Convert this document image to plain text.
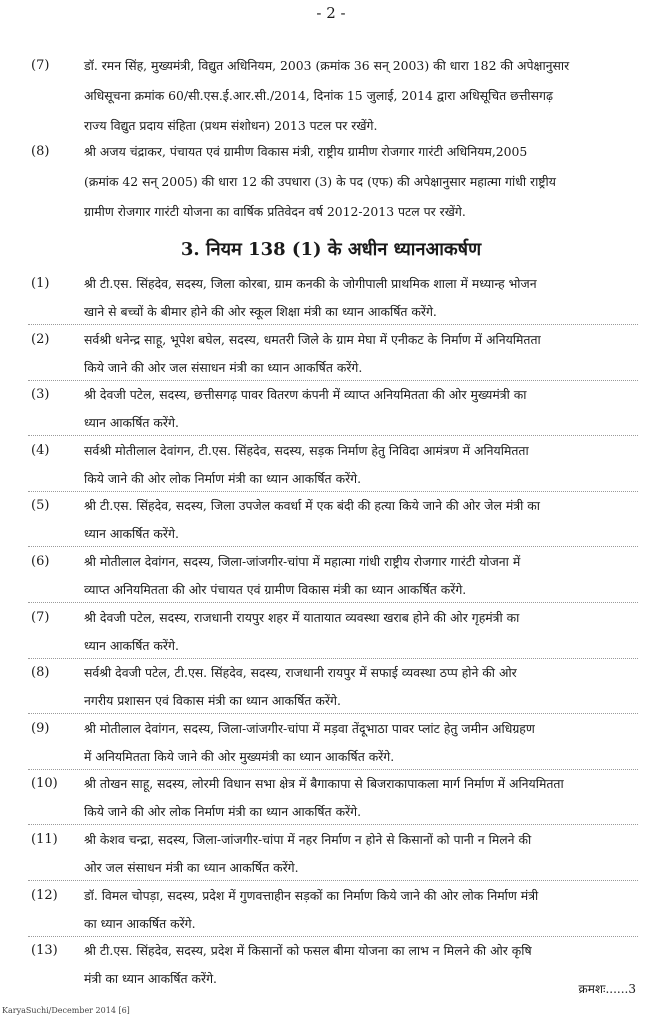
- 2 -
(7)	डॉ. रमन सिंह, मुख्यमंत्री, विद्युत अधिनियम, 2003 (क्रमांक 36 सन् 2003) की धारा 182 की अपेक्षानुसार
अधिसूचना क्रमांक 60/सी.एस.ई.आर.सी./2014, दिनांक 15 जुलाई, 2014 द्वारा अधिसूचित छत्तीसगढ़
राज्य विद्युत प्रदाय संहिता (प्रथम संशोधन) 2013 पटल पर रखेंगे.
(8)	श्री अजय चंद्राकर, पंचायत एवं ग्रामीण विकास मंत्री, राष्ट्रीय ग्रामीण रोजगार गारंटी अधिनियम,2005
(क्रमांक 42 सन् 2005) की धारा 12 की उपधारा (3) के पद (एफ) की अपेक्षानुसार महात्मा गांधी राष्ट्रीय
ग्रामीण रोजगार गारंटी योजना का वार्षिक प्रतिवेदन वर्ष 2012-2013 पटल पर रखेंगे.
3. नियम 138 (1) के अधीन ध्यानआकर्षण
(1)	श्री टी.एस. सिंहदेव, सदस्य, जिला कोरबा, ग्राम कनकी के जोगीपाली प्राथमिक शाला में मध्यान्ह भोजन
खाने से बच्चों के बीमार होने की ओर स्कूल शिक्षा मंत्री का ध्यान आकर्षित करेंगे.
(2)	सर्वश्री धनेन्द्र साहू, भूपेश बघेल, सदस्य, धमतरी जिले के ग्राम मेघा में एनीकट के निर्माण में अनियमितता
किये जाने की ओर जल संसाधन मंत्री का ध्यान आकर्षित करेंगे.
(3)	श्री देवजी पटेल, सदस्य, छत्तीसगढ़ पावर वितरण कंपनी में व्याप्त अनियमितता की ओर मुख्यमंत्री का
ध्यान आकर्षित करेंगे.
(4)	सर्वश्री मोतीलाल देवांगन, टी.एस. सिंहदेव, सदस्य, सड़क निर्माण हेतु निविदा आमंत्रण में अनियमितता
किये जाने की ओर लोक निर्माण मंत्री का ध्यान आकर्षित करेंगे.
(5)	श्री टी.एस. सिंहदेव, सदस्य, जिला उपजेल कवर्धा में एक बंदी की हत्या किये जाने की ओर जेल मंत्री का
ध्यान आकर्षित करेंगे.
(6)	श्री मोतीलाल देवांगन, सदस्य, जिला-जांजगीर-चांपा में महात्मा गांधी राष्ट्रीय रोजगार गारंटी योजना में
व्याप्त अनियमितता की ओर पंचायत एवं ग्रामीण विकास मंत्री का ध्यान आकर्षित करेंगे.
(7)	श्री देवजी पटेल, सदस्य, राजधानी रायपुर शहर में यातायात व्यवस्था खराब होने की ओर गृहमंत्री का
ध्यान आकर्षित करेंगे.
(8)	सर्वश्री देवजी पटेल, टी.एस. सिंहदेव, सदस्य, राजधानी रायपुर में सफाई व्यवस्था ठप्प होने की ओर
नगरीय प्रशासन एवं विकास मंत्री का ध्यान आकर्षित करेंगे.
(9)	श्री मोतीलाल देवांगन, सदस्य, जिला-जांजगीर-चांपा में मड़वा तेंदूभाठा पावर प्लांट हेतु जमीन अधिग्रहण
में अनियमितता किये जाने की ओर मुख्यमंत्री का ध्यान आकर्षित करेंगे.
(10) श्री तोखन साहू, सदस्य, लोरमी विधान सभा क्षेत्र में बैगाकापा से बिजराकापाकला मार्ग निर्माण में अनियमितता
किये जाने की ओर लोक निर्माण मंत्री का ध्यान आकर्षित करेंगे.
(11) श्री केशव चन्द्रा, सदस्य, जिला-जांजगीर-चांपा में नहर निर्माण न होने से किसानों को पानी न मिलने की
ओर जल संसाधन मंत्री का ध्यान आकर्षित करेंगे.
(12) डॉ. विमल चोपड़ा, सदस्य, प्रदेश में गुणवत्ताहीन सड़कों का निर्माण किये जाने की ओर लोक निर्माण मंत्री
का ध्यान आकर्षित करेंगे.
(13) श्री टी.एस. सिंहदेव, सदस्य, प्रदेश में किसानों को फसल बीमा योजना का लाभ न मिलने की ओर कृषि
मंत्री का ध्यान आकर्षित करेंगे.
क्रमशः......3
KaryaSuchi/December 2014 [6]
